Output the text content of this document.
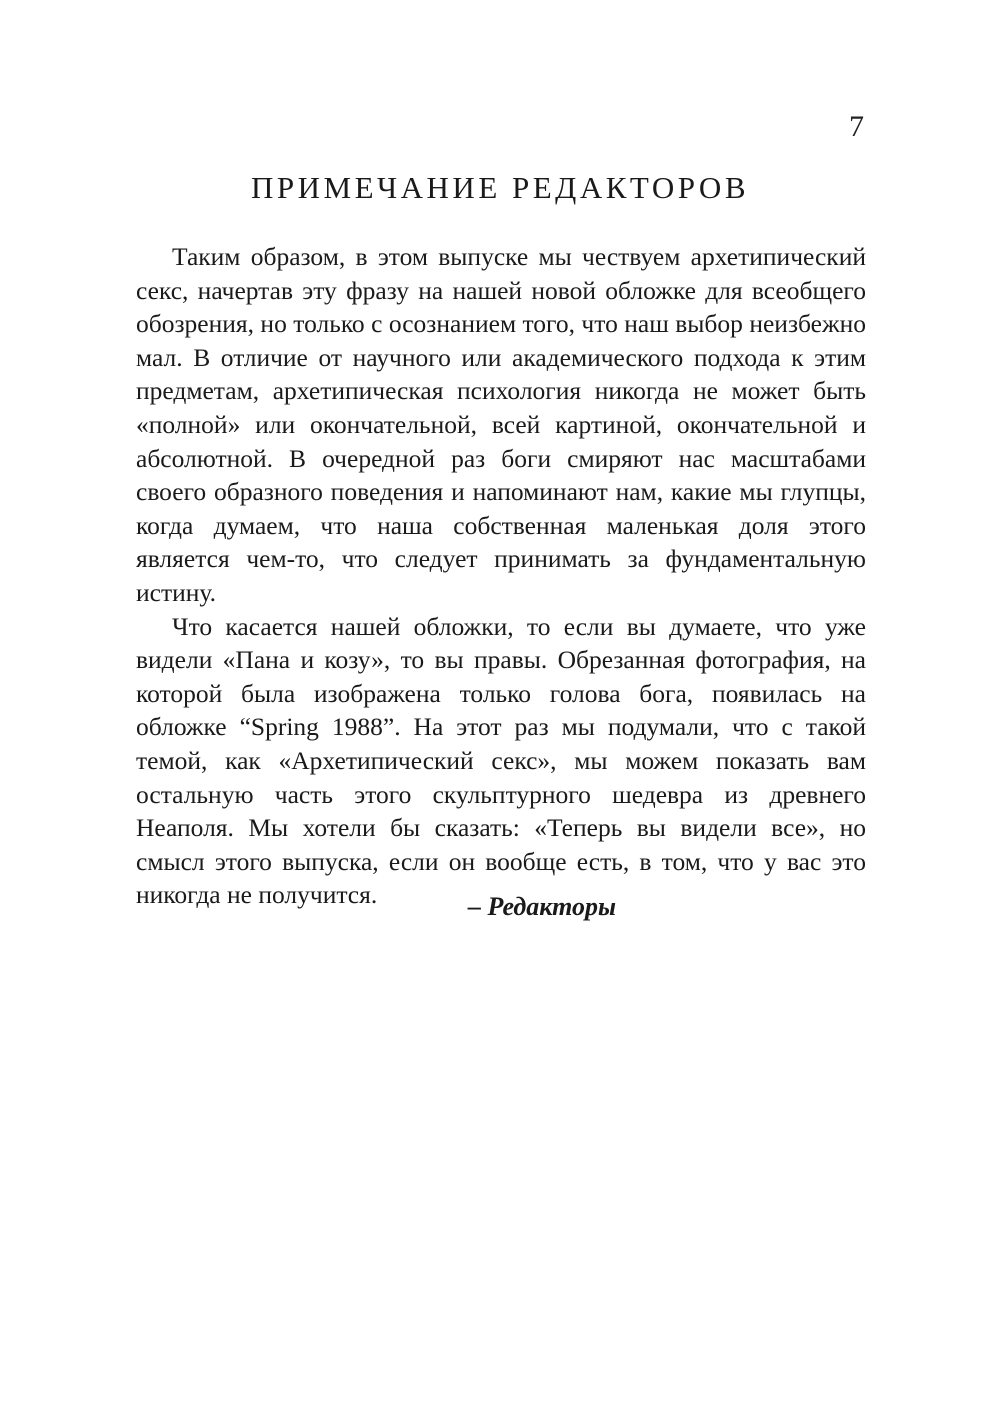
7
ПРИМЕЧАНИЕ РЕДАКТОРОВ

Таким образом, в этом выпуске мы чествуем архетипический секс, начертав эту фразу на нашей новой обложке для всеобщего обозрения, но только с осознанием того, что наш выбор неизбежно мал. В отличие от научного или академического подхода к этим предметам, архетипическая психология никогда не может быть «полной» или окончательной, всей картиной, окончательной и абсолютной. В очередной раз боги смиряют нас масштабами своего образного поведения и напоминают нам, какие мы глупцы, когда думаем, что наша собственная маленькая доля этого является чем-то, что следует принимать за фундаментальную истину.

Что касается нашей обложки, то если вы думаете, что уже видели «Пана и козу», то вы правы. Обрезанная фотография, на которой была изображена только голова бога, появилась на обложке “Spring 1988”. На этот раз мы подумали, что с такой темой, как «Архетипический секс», мы можем показать вам остальную часть этого скульптурного шедевра из древнего Неаполя. Мы хотели бы сказать: «Теперь вы видели все», но смысл этого выпуска, если он вообще есть, в том, что у вас это никогда не получится.	– Редакторы
